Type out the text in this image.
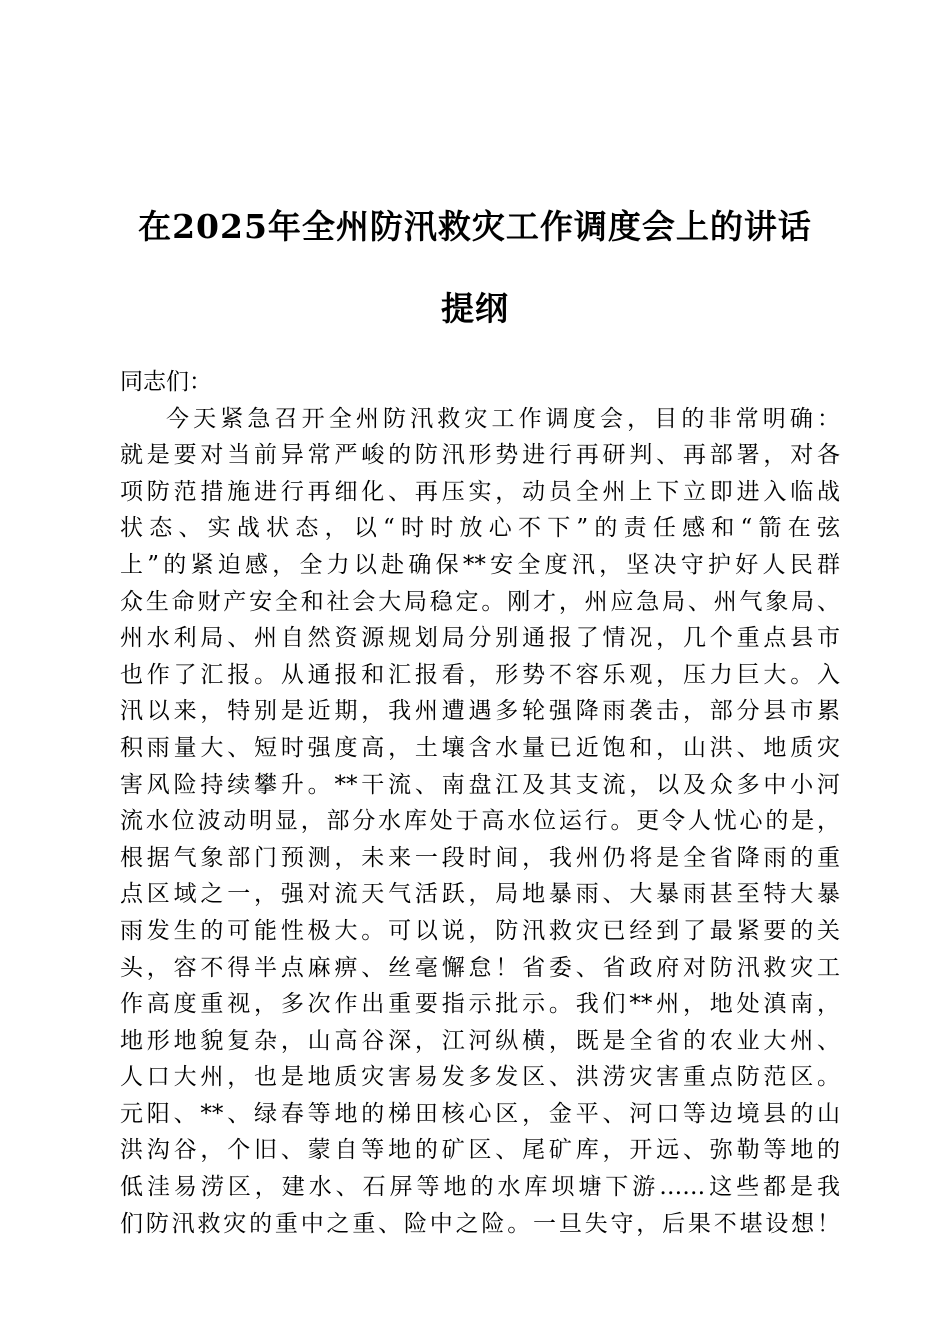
在2025年全州防汛救灾工作调度会上的讲话
提纲

同志们：

今天紧急召开全州防汛救灾工作调度会，目的非常明确：
就是要对当前异常严峻的防汛形势进行再研判、再部署，对各
项防范措施进行再细化、再压实，动员全州上下立即进入临战
状态、实战状态，以“时时放心不下”的责任感和“箭在弦
上”的紧迫感，全力以赴确保**安全度汛，坚决守护好人民群
众生命财产安全和社会大局稳定。刚才，州应急局、州气象局、
州水利局、州自然资源规划局分别通报了情况，几个重点县市
也作了汇报。从通报和汇报看，形势不容乐观，压力巨大。入
汛以来，特别是近期，我州遭遇多轮强降雨袭击，部分县市累
积雨量大、短时强度高，土壤含水量已近饱和，山洪、地质灾
害风险持续攀升。**干流、南盘江及其支流，以及众多中小河
流水位波动明显，部分水库处于高水位运行。更令人忧心的是，
根据气象部门预测，未来一段时间，我州仍将是全省降雨的重
点区域之一，强对流天气活跃，局地暴雨、大暴雨甚至特大暴
雨发生的可能性极大。可以说，防汛救灾已经到了最紧要的关
头，容不得半点麻痹、丝毫懈怠！省委、省政府对防汛救灾工
作高度重视，多次作出重要指示批示。我们**州，地处滇南，
地形地貌复杂，山高谷深，江河纵横，既是全省的农业大州、
人口大州，也是地质灾害易发多发区、洪涝灾害重点防范区。
元阳、**、绿春等地的梯田核心区，金平、河口等边境县的山
洪沟谷，个旧、蒙自等地的矿区、尾矿库，开远、弥勒等地的
低洼易涝区，建水、石屏等地的水库坝塘下游……这些都是我
们防汛救灾的重中之重、险中之险。一旦失守，后果不堪设想！
